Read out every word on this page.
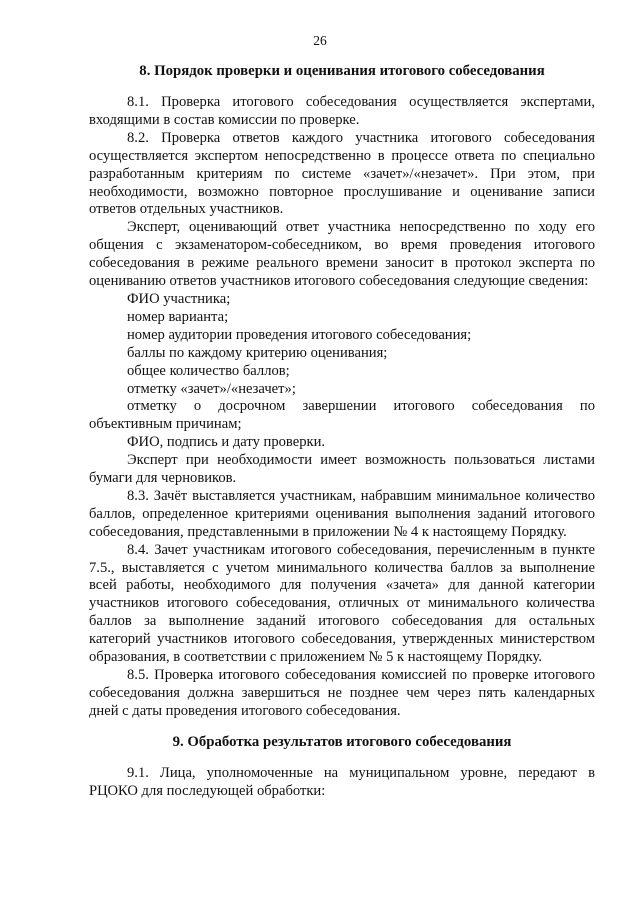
26

8. Порядок проверки и оценивания итогового собеседования

8.1. Проверка итогового собеседования осуществляется экспертами, входящими в состав комиссии по проверке.

8.2. Проверка ответов каждого участника итогового собеседования осуществляется экспертом непосредственно в процессе ответа по специально разработанным критериям по системе «зачет»/«незачет». При этом, при необходимости, возможно повторное прослушивание и оценивание записи ответов отдельных участников.

Эксперт, оценивающий ответ участника непосредственно по ходу его общения с экзаменатором-собеседником, во время проведения итогового собеседования в режиме реального времени заносит в протокол эксперта по оцениванию ответов участников итогового собеседования следующие сведения:

ФИО участника;

номер варианта;

номер аудитории проведения итогового собеседования;

баллы по каждому критерию оценивания;

общее количество баллов;

отметку «зачет»/«незачет»;

отметку о досрочном завершении итогового собеседования по объективным причинам;

ФИО, подпись и дату проверки.

Эксперт при необходимости имеет возможность пользоваться листами бумаги для черновиков.

8.3. Зачёт выставляется участникам, набравшим минимальное количество баллов, определенное критериями оценивания выполнения заданий итогового собеседования, представленными в приложении № 4 к настоящему Порядку.

8.4. Зачет участникам итогового собеседования, перечисленным в пункте 7.5., выставляется с учетом минимального количества баллов за выполнение всей работы, необходимого для получения «зачета» для данной категории участников итогового собеседования, отличных от минимального количества баллов за выполнение заданий итогового собеседования для остальных категорий участников итогового собеседования, утвержденных министерством образования, в соответствии с приложением № 5 к настоящему Порядку.

8.5. Проверка итогового собеседования комиссией по проверке итогового собеседования должна завершиться не позднее чем через пять календарных дней с даты проведения итогового собеседования.

9. Обработка результатов итогового собеседования

9.1. Лица, уполномоченные на муниципальном уровне, передают в РЦОКО для последующей обработки:
